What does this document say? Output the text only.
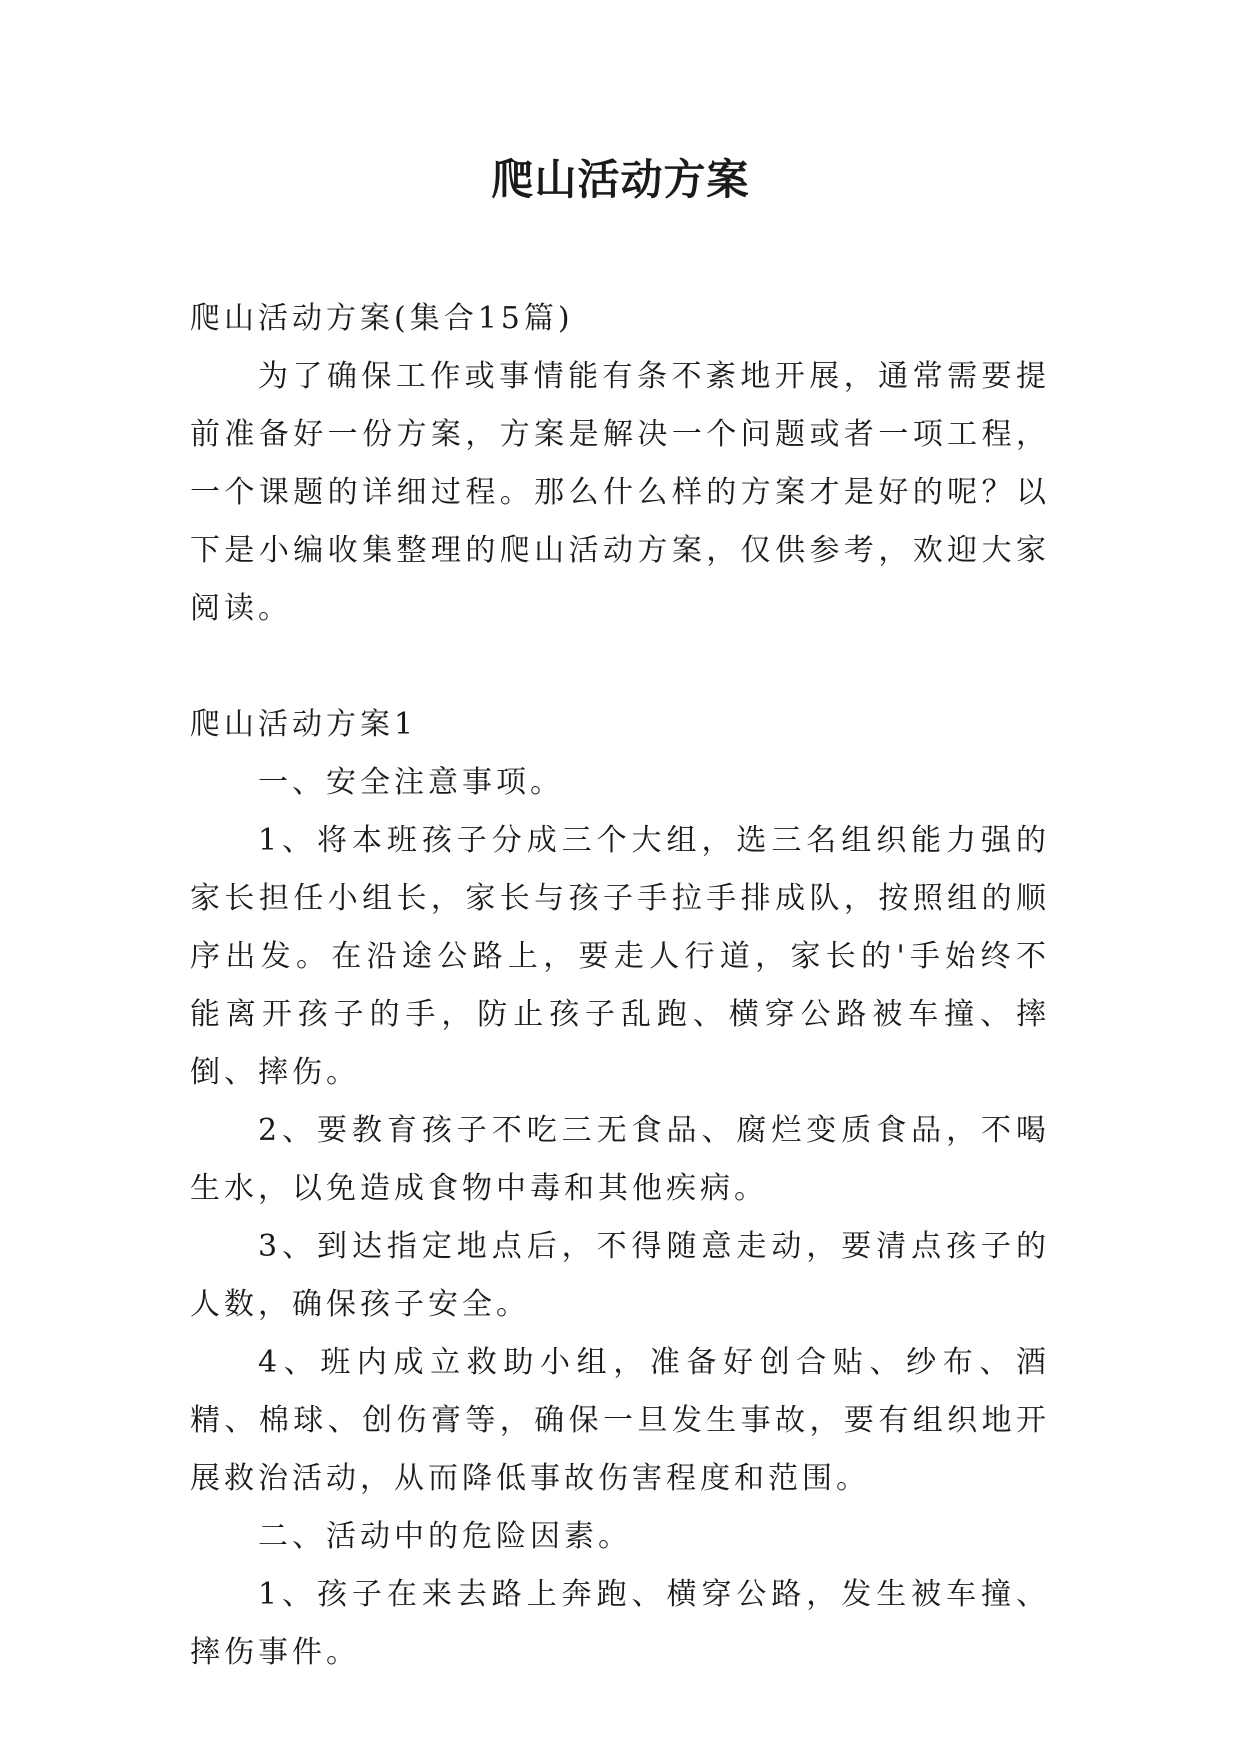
爬山活动方案

爬山活动方案(集合15篇)

为了确保工作或事情能有条不紊地开展，通常需要提前准备好一份方案，方案是解决一个问题或者一项工程，一个课题的详细过程。那么什么样的方案才是好的呢？以下是小编收集整理的爬山活动方案，仅供参考，欢迎大家阅读。

爬山活动方案1

一、安全注意事项。

1、将本班孩子分成三个大组，选三名组织能力强的家长担任小组长，家长与孩子手拉手排成队，按照组的顺序出发。在沿途公路上，要走人行道，家长的'手始终不能离开孩子的手，防止孩子乱跑、横穿公路被车撞、摔倒、摔伤。

2、要教育孩子不吃三无食品、腐烂变质食品，不喝生水，以免造成食物中毒和其他疾病。

3、到达指定地点后，不得随意走动，要清点孩子的人数，确保孩子安全。

4、班内成立救助小组，准备好创合贴、纱布、酒精、棉球、创伤膏等，确保一旦发生事故，要有组织地开展救治活动，从而降低事故伤害程度和范围。

二、活动中的危险因素。

1、孩子在来去路上奔跑、横穿公路，发生被车撞、摔伤事件。
